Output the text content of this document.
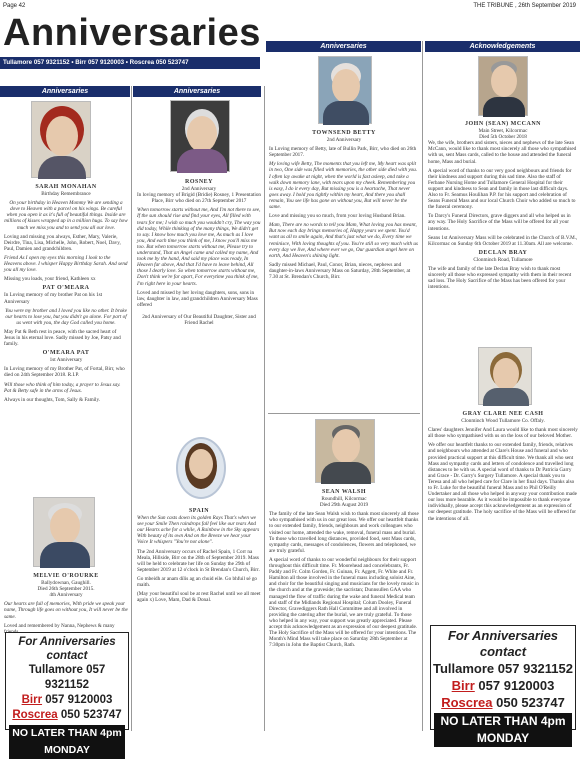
Page 42	THE TRIBUNE , 26th September 2019
Anniversaries
Tullamore 057 9321152 • Birr 057 9120003 • Roscrea 050 523747
Anniversaries	Anniversaries
Anniversaries	Acknowledgements
SARAH MONAHAN
Birthday Remembrance

On your birthday in Heaven Mommy We are sending a dove to Heaven with a parcel on his wings. Be careful when you open it as it's full of beautiful things. Inside are millions of kisses wrapped up in a million hugs. To say how much we miss you and to send you all our love.

Loving and missing you always, Esther, Mary, Valerie, Deirdre, Tina, Lisa, Michelle, John, Robert, Noel, Davy, Paul, Damien and grandchildren.

Friend As I open my eyes this morning I look to the Heavens above. I whisper Happy Birthday Sarah. And send you all my love.

Missing you loads, your friend, Kathleen xx

PAT O'MEARA

In Loving memory of my brother Pat on his 1st Anniversary

You were my brother and I loved you like no other. It broke our hearts to lose you, but you didn't go alone. For part of us went with you, the day God called you home.

May Pat & Beth rest in peace, with the sacred heart of Jesus in his eternal love. Sadly missed by Joe, Patsy and family.

O'MEARA PAT
1st Anniversary

In Loving memory of my Brother Pat, of Fortal, Birr, who died on 24th September 2018. R.I.P.

Will those who think of him today, a prayer to Jesus say. Pat & Betty safe in the arms of Jesus.

Always in our thoughts, Tom, Sally & Family.

MELVIE O'ROURKE
Ballydownan, Gaughill.
Died 26th September 2015.
4th Anniversary

Our hearts are full of memories, With pride we speak your name, Through life goes on without you, It will never be the same.

Loved and remembered by Nanna, Nephews & many

For Anniversaries contact
Tullamore 057 9321152
Birr 057 9120003
Roscrea 050 523747
NO LATER THAN 4pm MONDAY
ROSNEY
2nd Anniversary

In loving memory of Brigid (Bridie) Rosney, 1 Presentation Place, Birr who died on 27th September 2017

When tomorrow starts without me, And I'm not there to see, If the sun should rise and find your eyes, All filled with tears for me; I wish so much you wouldn't cry, The way you did today, While thinking of the many things, We didn't get to say. I know how much you love me, As much as I love you, And each time you think of me, I know you'll miss me too. But when tomorrow starts without me, Please try to understand, That an Angel came and called my name, And took me by the hand, And said my place was ready, In Heaven far above, And that I'd have to leave behind, All those I dearly love. So when tomorrow starts without me, Don't think we're far apart, For everytime you think of me, I'm right here in your hearts.

Loved and missed by her loving daughters, sons, sons in law, daughter in law, and grandchildren Anniversary Mass offered

2nd Anniversary of Our Beautiful Daughter, Sister and Friend Rachel

SPAIN

When the Sun casts down its golden Rays That's when we see your Smile Then raindrops fall feel like our tears And our Hearts ache for a while, A Rainbow in the Sky appears With beauty of its own And on the Breeze we hear your Voice It whispers "You're not alone".

The 2nd Anniversary occurs of Rachel Spain, 1 Corr na Meala, Hillside, Birr on the 28th of September 2019. Mass will be held to celebrate her life on Sunday the 29th of September 2019 at 12 o'clock in St Brendan's Church, Birr.

Go mbeidh ar anam dílis ag an chuid eile. Go bhfuil sé go maith.

(May your beautiful soul be at rest Rachel until we all meet again x) Love, Mam, Dad & Donal.

TOWNSEND BETTY
2nd Anniversary

In Loving memory of Betty, late of Bullin Park, Birr, who died on 26th September 2017.

My loving wife Betty, The moments that you left me, My heart was split in two, One side was filled with memories, the other side died with you. I often lay awake at night, when the world is fast asleep, and take a walk down memory lane, with tears upon my cheek. Remembering you is easy, I do it every day, But missing you is a heartache, That never goes away. I hold you tightly within my heart, And there you shall remain, You see life has gone on without you, But will never be the same.

Love and missing you so much, from your loving Husband Brian.

Mam, There are no words to tell you Mam, What loving you has meant, But now each day brings memories of, Happy years we spent. You'd want us all to smile again, And that's just what we do, Every time we reminisce, With loving thoughts of you. You're still so very much with us every day we live, And where ever we go, Our guardian angel here on earth, And Heaven's shining light.

Sadly missed Michael, Paul, Conor, Brian, nieces, nephews and daughter-in-laws Anniversary Mass on Saturday, 28th September, at 7.30 at St. Brendan's Church, Birr.

SEAN WALSH
Roundhill, Kilcormac
Died 29th August 2019

The family of the late Sean Walsh wish to thank most sincerely all those who sympathised with us in our great loss. We offer our heartfelt thanks to our extended family, friends, neighbours and work colleagues who visited our home, attended the wake, removal, funeral mass and burial. To those who travelled long distances, provided food, sent Mass cards, sympathy cards, messages of condolences, flowers and telephoned, we are truly grateful.

A special word of thanks to our wonderful neighbours for their support throughout this difficult time. Fr. Moorehead and concelebrants, Fr. Paddy and Fr. Colm Gorden, Fr. Guinan, Fr. Aggett, Fr. White and Fr. Hamilton all those involved in the funeral mass including soloist Aine, and choir for the beautiful singing and musicians for the lovely music in the church and at the graveside; the sacristan; Dunnsullen GAA who managed the flow of traffic during the wake and funeral Medical team and staff of the Midlands Regional Hospital; Colum Dooley, Funeral Director, Gravediggers Rath Hall Committee and all involved in providing the catering after the burial, we are truly grateful. To those who helped in any way, your support was greatly appreciated. Please accept this acknowledgement as an expression of our deepest gratitude. The Holy Sacrifice of the Mass will be offered for your intentions. The Month's Mind Mass will take place on Saturday 28th September at 7:30pm in John the Baptist Church, Rath.

JOHN (SEAN) MCCANN
Main Street, Kilcormac
Died 5th October 2018

We, the wife, brothers and sisters, nieces and nephews of the late Sean McCann, would like to thank most sincerely all those who sympathised with us, sent Mass cards, called to the house and attended the funeral home, Mass and burial.

A special word of thanks to our very good neighbours and friends for their kindness and support during this sad time. Also the staff of Ferbane Nursing Home and Tullamore General Hospital for their support and kindness to Sean and family in those last difficult days. Also to Fr. Seamus Houlihan P.P. for his support and celebration of Seans Funeral Mass and our local Church Choir who added so much to the funeral ceremony.

To Darcy's Funeral Directors, grave diggers and all who helped us in any way. The Holy Sacrifice of the Mass will be offered for all your intentions.

Seans 1st Anniversary Mass will be celebrated in the Church of B.V.M., Kilcormac on Sunday 6th October 2019 at 11.30am. All are welcome.

DECLAN BRAY
Clonminch Road, Tullamore

The wife and family of the late Declan Bray wish to thank most sincerely all those who expressed sympathy with them in their recent sad loss. The Holy Sacrifice of the Mass has been offered for your intentions.

GRAY CLARE NEE CASH
Clonminch Wood Tullamore Co. Offaly.

Clares' daughters Jennifer And Laura would like to thank most sincerely all those who sympathised with us on the loss of our beloved Mother.

We offer our heartfelt thanks to our extended family, friends, relatives and neighbours who attended at Clare's House and funeral and who provided practical support at this difficult time. We thank all who sent Mass and sympathy cards and letters of condolence and travelled long distances to be with us. A special word of thanks to Dr Patricia Garry and Grace - Dr. Garry's Surgery Tullamore. A special thank you to Teresa and all who helped care for Clare in her final days. Thanks also to Fr. Luke for the beautiful funeral Mass and to Phil O'Reilly Undertaker and all those who helped in anyway your contribution made our loss more bearable. As it would be impossible to thank everyone individually, please accept this acknowledgement as an expression of our deepest gratitude. The holy sacrifice of the Mass will be offered for the intentions of all.

For Anniversaries contact
Tullamore 057 9321152
Birr 057 9120003
Roscrea 050 523747
NO LATER THAN 4pm MONDAY
